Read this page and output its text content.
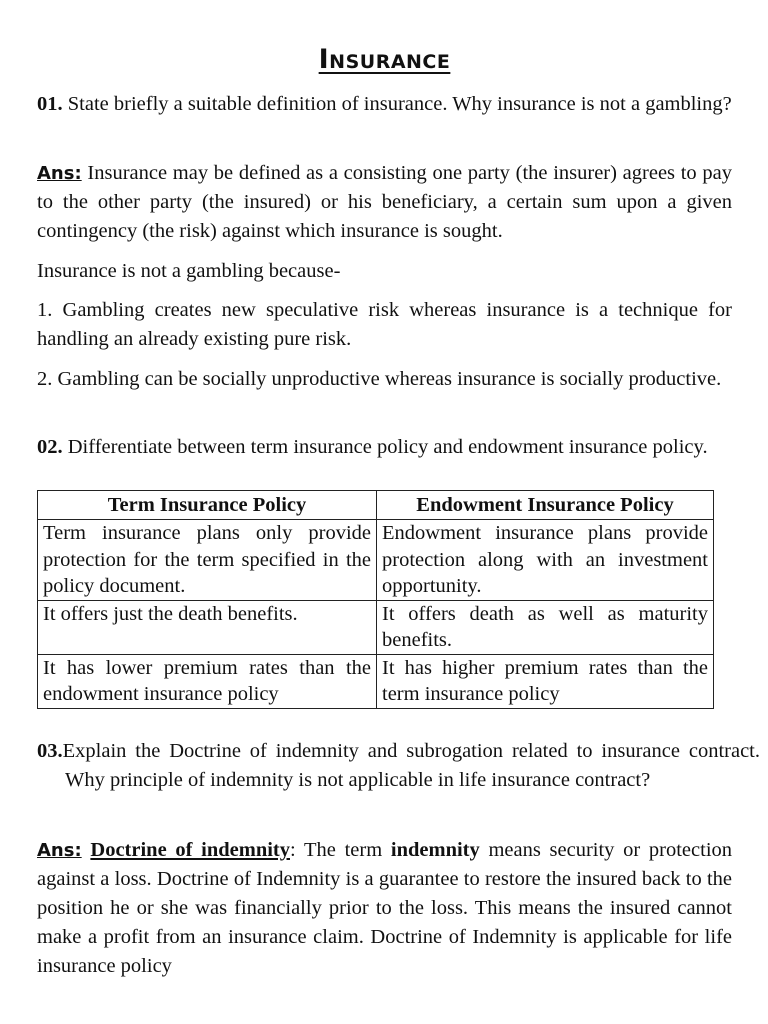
Insurance
01. State briefly a suitable definition of insurance. Why insurance is not a gambling?
Ans: Insurance may be defined as a consisting one party (the insurer) agrees to pay to the other party (the insured) or his beneficiary, a certain sum upon a given contingency (the risk) against which insurance is sought.
Insurance is not a gambling because-
1. Gambling creates new speculative risk whereas insurance is a technique for handling an already existing pure risk.
2. Gambling can be socially unproductive whereas insurance is socially productive.
02. Differentiate between term insurance policy and endowment insurance policy.
Term Insurance Policy	Endowment Insurance Policy
Term insurance plans only provide protection for the term specified in the policy document.	Endowment insurance plans provide protection along with an investment opportunity.
It offers just the death benefits.	It offers death as well as maturity benefits.
It has lower premium rates than the endowment insurance policy	It has higher premium rates than the term insurance policy
03.Explain the Doctrine of indemnity and subrogation related to insurance contract. Why principle of indemnity is not applicable in life insurance contract?
Ans: Doctrine of indemnity: The term indemnity means security or protection against a loss. Doctrine of Indemnity is a guarantee to restore the insured back to the position he or she was financially prior to the loss. This means the insured cannot make a profit from an insurance claim. Doctrine of Indemnity is applicable for life insurance policy
